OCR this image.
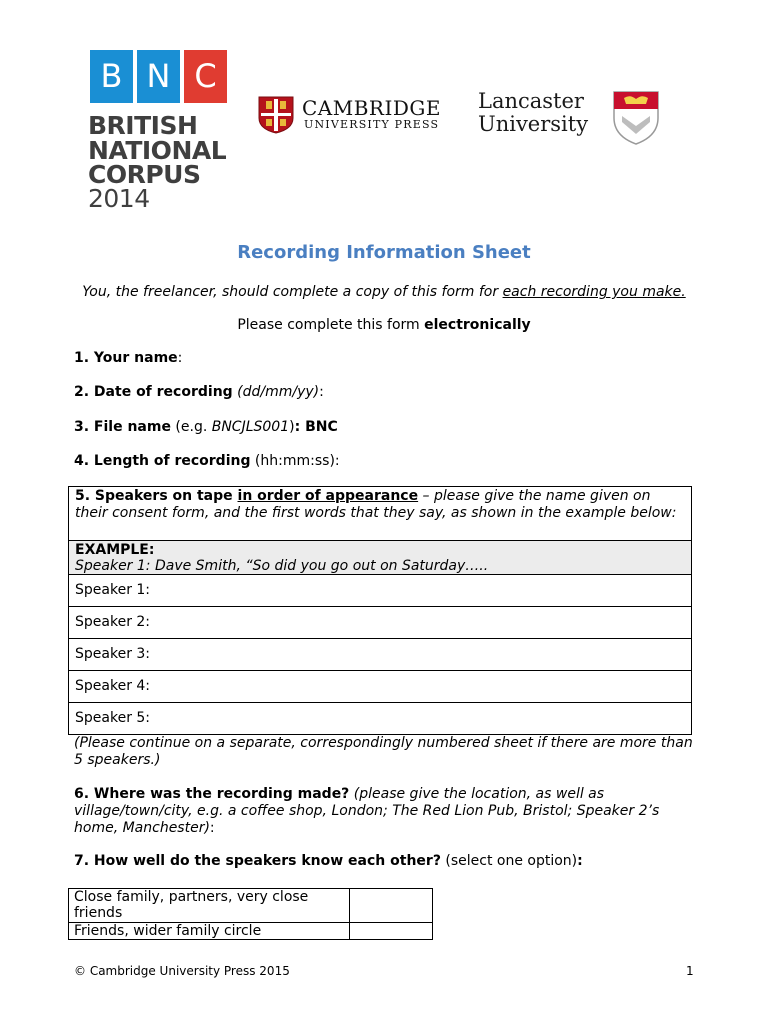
B N C
BRITISH
NATIONAL
CORPUS
2014
CAMBRIDGE
UNIVERSITY PRESS
Lancaster
University
Recording Information Sheet
You, the freelancer, should complete a copy of this form for each recording you make.
Please complete this form electronically
1. Your name:
2. Date of recording (dd/mm/yy):
3. File name (e.g. BNCJLS001): BNC
4. Length of recording (hh:mm:ss):
5. Speakers on tape in order of appearance – please give the name given on their consent form, and the first words that they say, as shown in the example below:
EXAMPLE:
Speaker 1: Dave Smith, “So did you go out on Saturday…..
Speaker 1:
Speaker 2:
Speaker 3:
Speaker 4:
Speaker 5:
(Please continue on a separate, correspondingly numbered sheet if there are more than 5 speakers.)
6. Where was the recording made? (please give the location, as well as village/town/city, e.g. a coffee shop, London; The Red Lion Pub, Bristol; Speaker 2’s home, Manchester):
7. How well do the speakers know each other? (select one option):
Close family, partners, very close friends	
Friends, wider family circle	
© Cambridge University Press 2015	1
